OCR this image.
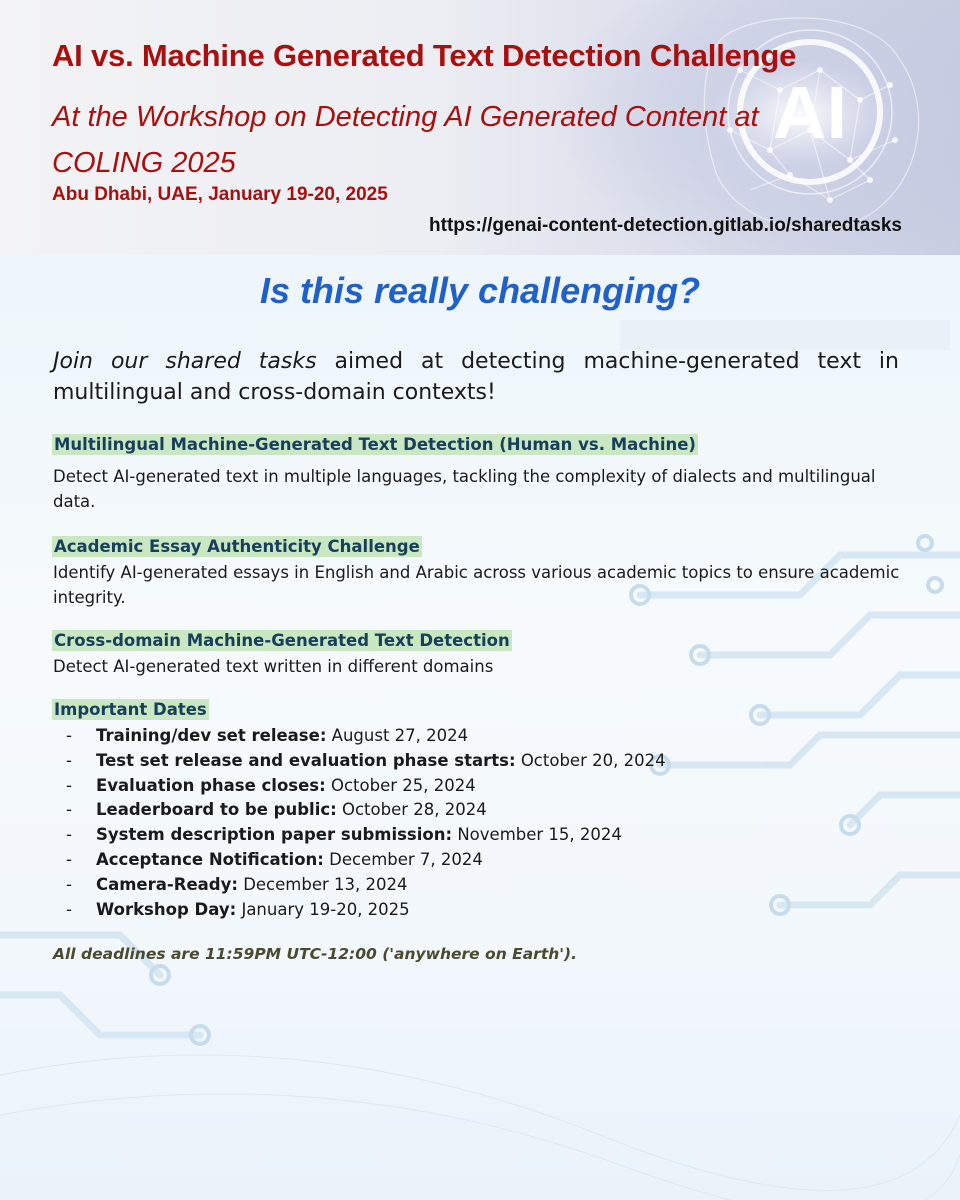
AI
AI vs. Machine Generated Text Detection Challenge
At the Workshop on Detecting AI Generated Content at COLING 2025
Abu Dhabi, UAE, January 19-20, 2025
https://genai-content-detection.gitlab.io/sharedtasks
Is this really challenging?
Join our shared tasks aimed at detecting machine-generated text in multilingual and cross-domain contexts!
Multilingual Machine-Generated Text Detection (Human vs. Machine)
Detect AI-generated text in multiple languages, tackling the complexity of dialects and multilingual data.
Academic Essay Authenticity Challenge
Identify AI-generated essays in English and Arabic across various academic topics to ensure academic integrity.
Cross-domain Machine-Generated Text Detection
Detect AI-generated text written in different domains
Important Dates
- Training/dev set release: August 27, 2024
- Test set release and evaluation phase starts: October 20, 2024
- Evaluation phase closes: October 25, 2024
- Leaderboard to be public: October 28, 2024
- System description paper submission: November 15, 2024
- Acceptance Notification: December 7, 2024
- Camera-Ready: December 13, 2024
- Workshop Day: January 19-20, 2025
All deadlines are 11:59PM UTC-12:00 ('anywhere on Earth').
